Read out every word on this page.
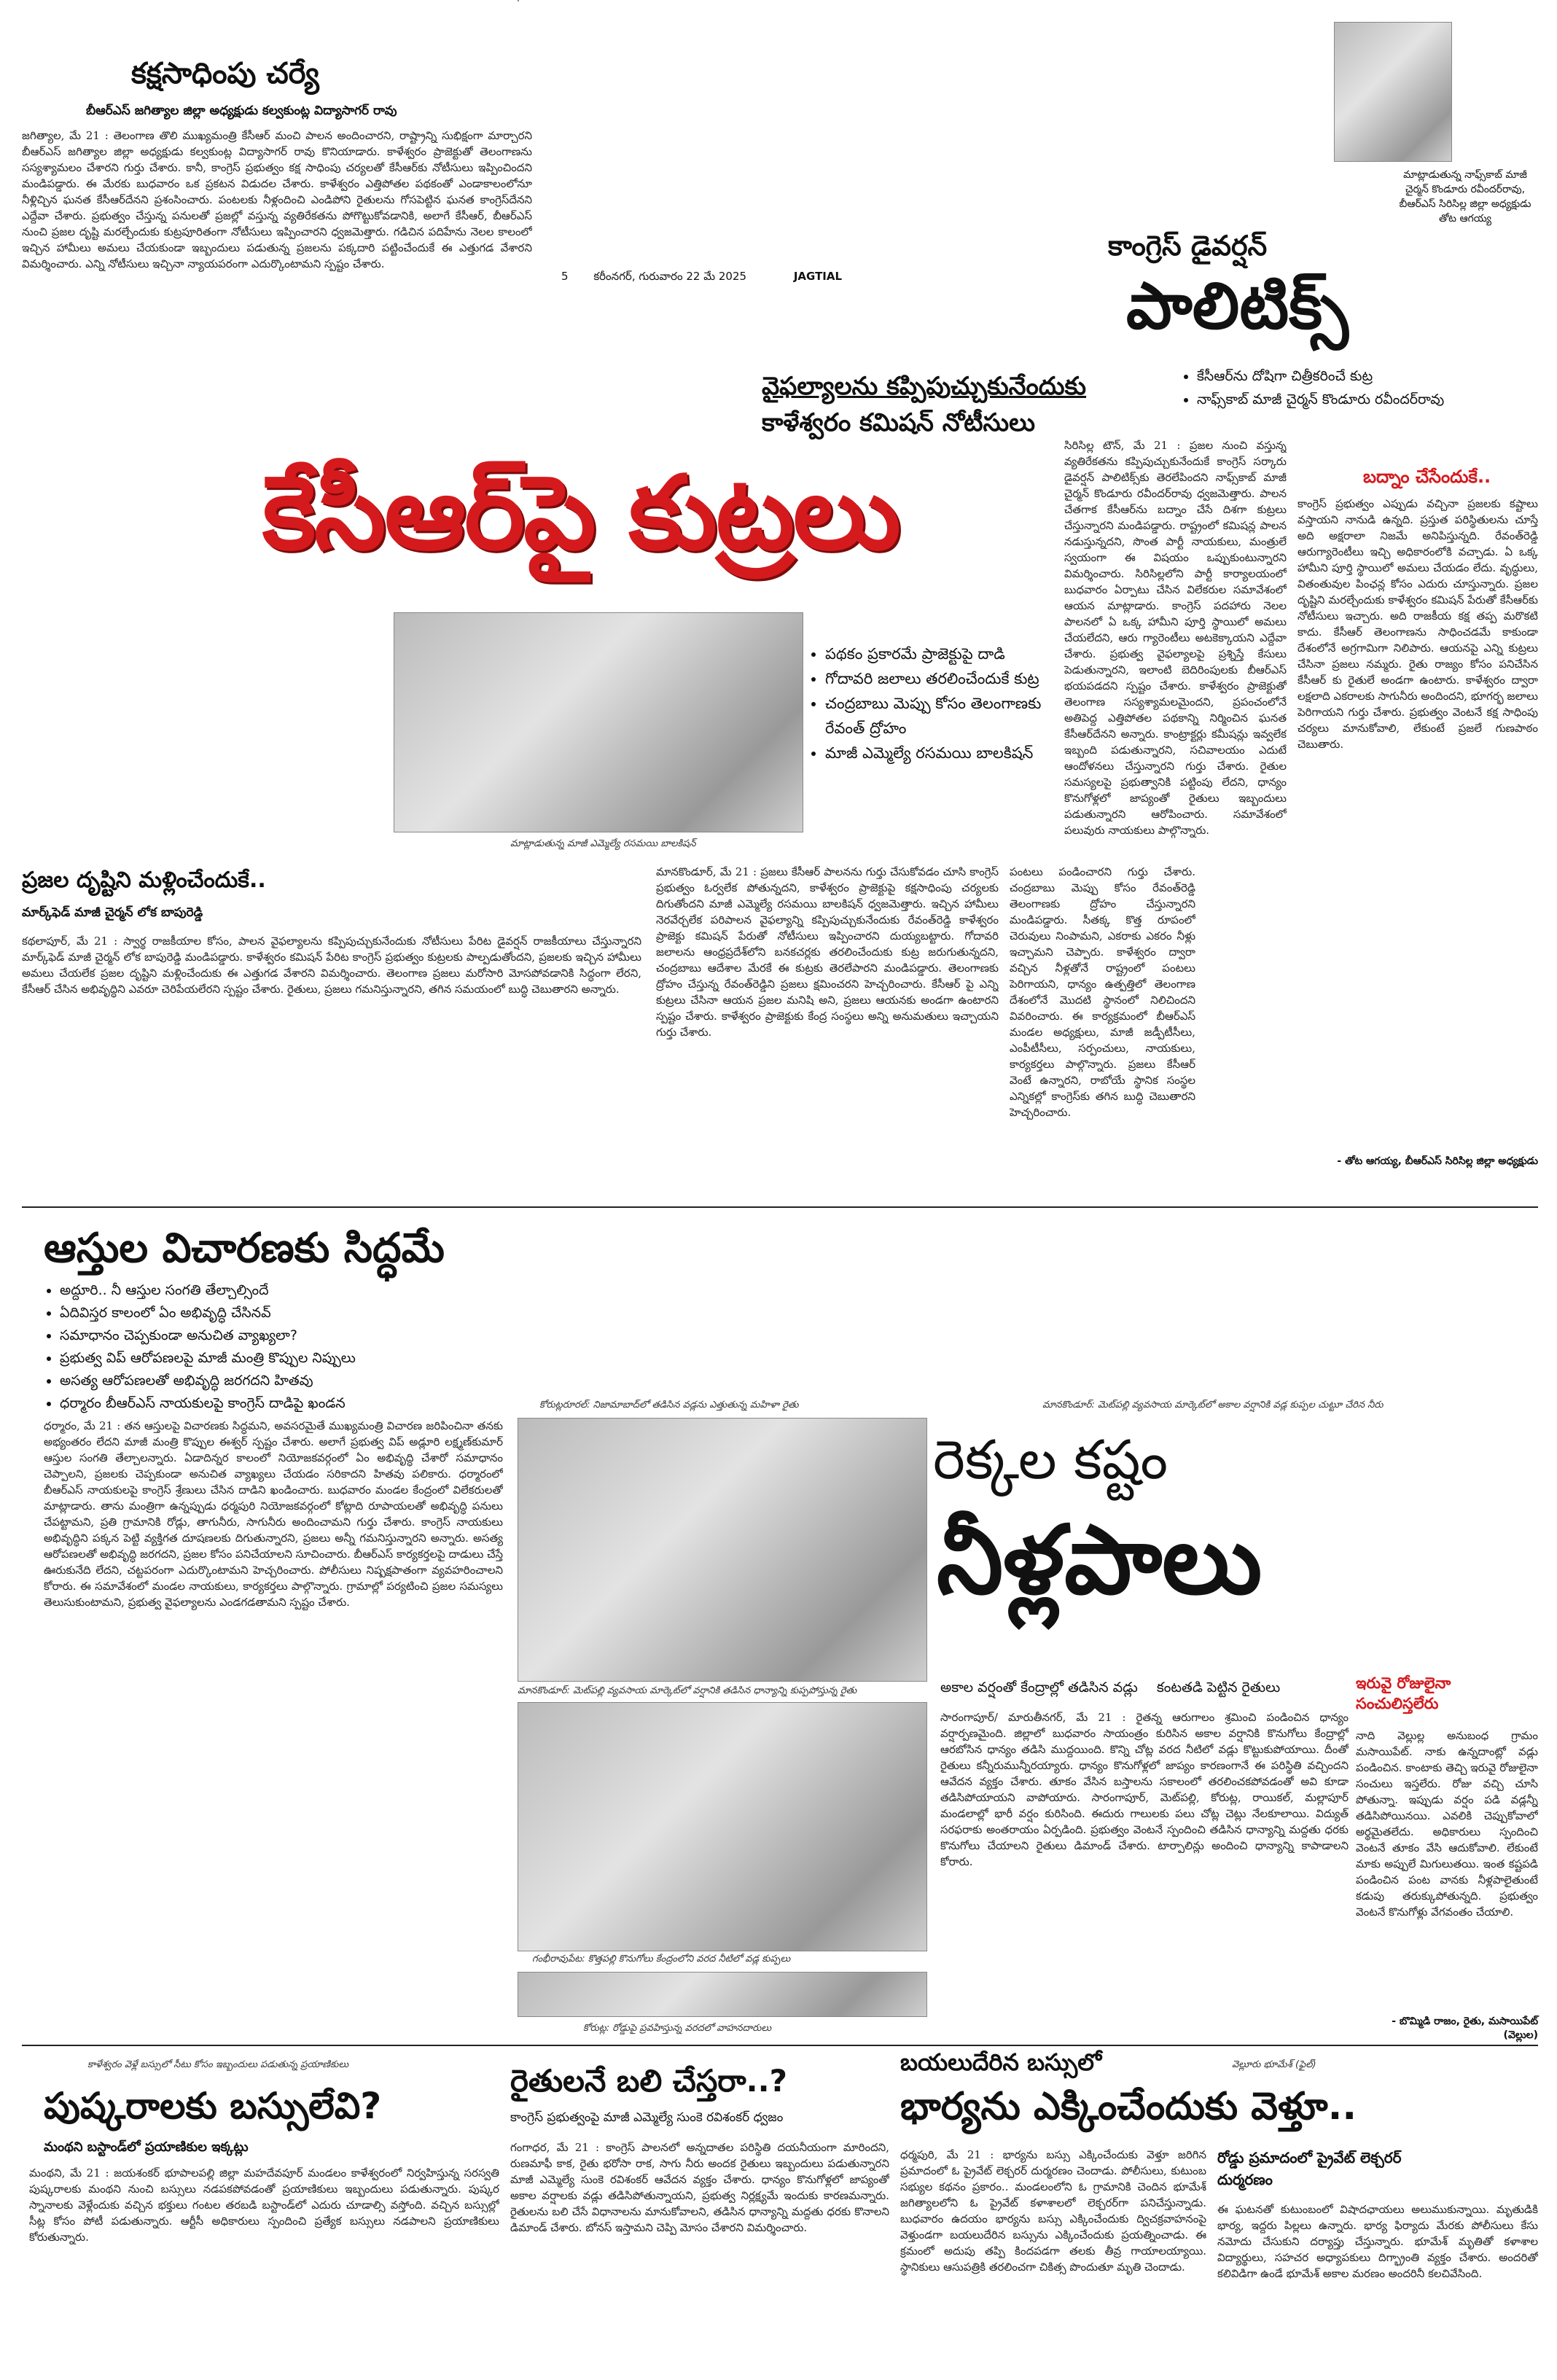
కక్షసాధింపు చర్యే
బీఆర్ఎస్ జగిత్యాల జిల్లా అధ్యక్షుడు కల్వకుంట్ల విద్యాసాగర్ రావు
జగిత్యాల, మే 21 : తెలంగాణ తొలి ముఖ్యమంత్రి కేసీఆర్ మంచి పాలన అందించారని, రాష్ట్రాన్ని సుభిక్షంగా మార్చారని బీఆర్ఎస్ జగిత్యాల జిల్లా అధ్యక్షుడు కల్వకుంట్ల విద్యాసాగర్ రావు కొనియాడారు. కాళేశ్వరం ప్రాజెక్టుతో తెలంగాణను సస్యశ్యామలం చేశారని గుర్తు చేశారు. కానీ, కాంగ్రెస్ ప్రభుత్వం కక్ష సాధింపు చర్యలతో కేసీఆర్‌కు నోటీసులు ఇప్పించిందని మండిపడ్డారు. ఈ మేరకు బుధవారం ఒక ప్రకటన విడుదల చేశారు. కాళేశ్వరం ఎత్తిపోతల పథకంతో ఎండాకాలంలోనూ నీళ్లిచ్చిన ఘనత కేసీఆర్‌దేనని ప్రశంసించారు. పంటలకు నీళ్లందించి ఎండిపోని రైతులను గోసపెట్టిన ఘనత కాంగ్రెస్‌దేనని ఎద్దేవా చేశారు. ప్రభుత్వం చేస్తున్న పనులతో ప్రజల్లో వస్తున్న వ్యతిరేకతను పోగొట్టుకోవడానికి, అలాగే కేసీఆర్, బీఆర్ఎస్ నుంచి ప్రజల దృష్టి మరల్చేందుకు కుట్రపూరితంగా నోటీసులు ఇప్పించారని ధ్వజమెత్తారు. గడిచిన పదిహేను నెలల కాలంలో ఇచ్చిన హామీలు అమలు చేయకుండా ఇబ్బందులు పడుతున్న ప్రజలను పక్కదారి పట్టించేందుకే ఈ ఎత్తుగడ వేశారని విమర్శించారు. ఎన్ని నోటీసులు ఇచ్చినా న్యాయపరంగా ఎదుర్కొంటామని స్పష్టం చేశారు.
5 కరీంనగర్, గురువారం 22 మే 2025	JAGTIAL
వైఫల్యాలను కప్పిపుచ్చుకునేందుకు
కాళేశ్వరం కమిషన్ నోటీసులు
కేసీఆర్‌పై కుట్రలు
• పథకం ప్రకారమే ప్రాజెక్టుపై దాడి
• గోదావరి జలాలు తరలించేందుకే కుట్ర
• చంద్రబాబు మెప్పు కోసం తెలంగాణకు రేవంత్ ద్రోహం
• మాజీ ఎమ్మెల్యే రసమయి బాలకిషన్
మాట్లాడుతున్న మాజీ ఎమ్మెల్యే రసమయి బాలకిషన్
మానకొండూర్, మే 21 : ప్రజలు కేసీఆర్ పాలనను గుర్తు చేసుకోవడం చూసి కాంగ్రెస్ ప్రభుత్వం ఓర్వలేక పోతున్నదని, కాళేశ్వరం ప్రాజెక్టుపై కక్షసాధింపు చర్యలకు దిగుతోందని మాజీ ఎమ్మెల్యే రసమయి బాలకిషన్ ధ్వజమెత్తారు. ఇచ్చిన హామీలు నెరవేర్చలేక పరిపాలన వైఫల్యాన్ని కప్పిపుచ్చుకునేందుకు రేవంత్‌రెడ్డి కాళేశ్వరం ప్రాజెక్టు కమిషన్ పేరుతో నోటీసులు ఇప్పించారని దుయ్యబట్టారు. గోదావరి జలాలను ఆంధ్రప్రదేశ్‌లోని బనకచర్లకు తరలించేందుకు కుట్ర జరుగుతున్నదని, చంద్రబాబు ఆదేశాల మేరకే ఈ కుట్రకు తెరలేపారని మండిపడ్డారు. తెలంగాణకు ద్రోహం చేస్తున్న రేవంత్‌రెడ్డిని ప్రజలు క్షమించరని హెచ్చరించారు. కేసీఆర్ పై ఎన్ని కుట్రలు చేసినా ఆయన ప్రజల మనిషి అని, ప్రజలు ఆయనకు అండగా ఉంటారని స్పష్టం చేశారు. కాళేశ్వరం ప్రాజెక్టుకు కేంద్ర సంస్థలు అన్ని అనుమతులు ఇచ్చాయని గుర్తు చేశారు.
పంటలు పండించారని గుర్తు చేశారు. చంద్రబాబు మెప్పు కోసం రేవంత్‌రెడ్డి తెలంగాణకు ద్రోహం చేస్తున్నారని మండిపడ్డారు. సీతక్క కొత్త రూపంలో చెరువులు నింపామని, ఎకరాకు ఎకరం నీళ్లు ఇచ్చామని చెప్పారు. కాళేశ్వరం ద్వారా వచ్చిన నీళ్లతోనే రాష్ట్రంలో పంటలు పెరిగాయని, ధాన్యం ఉత్పత్తిలో తెలంగాణ దేశంలోనే మొదటి స్థానంలో నిలిచిందని వివరించారు. ఈ కార్యక్రమంలో బీఆర్ఎస్ మండల అధ్యక్షులు, మాజీ జడ్పీటీసీలు, ఎంపీటీసీలు, సర్పంచులు, నాయకులు, కార్యకర్తలు పాల్గొన్నారు. ప్రజలు కేసీఆర్ వెంటే ఉన్నారని, రాబోయే స్థానిక సంస్థల ఎన్నికల్లో కాంగ్రెస్‌కు తగిన బుద్ధి చెబుతారని హెచ్చరించారు.
ప్రజల దృష్టిని మళ్లించేందుకే..
మార్క్‌ఫెడ్ మాజీ చైర్మన్ లోక బాపురెడ్డి
కథలాపూర్, మే 21 : స్వార్థ రాజకీయాల కోసం, పాలన వైఫల్యాలను కప్పిపుచ్చుకునేందుకు నోటీసులు పేరిట డైవర్షన్ రాజకీయాలు చేస్తున్నారని మార్క్‌ఫెడ్ మాజీ చైర్మన్ లోక బాపురెడ్డి మండిపడ్డారు. కాళేశ్వరం కమిషన్ పేరిట కాంగ్రెస్ ప్రభుత్వం కుట్రలకు పాల్పడుతోందని, ప్రజలకు ఇచ్చిన హామీలు అమలు చేయలేక ప్రజల దృష్టిని మళ్లించేందుకు ఈ ఎత్తుగడ వేశారని విమర్శించారు. తెలంగాణ ప్రజలు మరోసారి మోసపోవడానికి సిద్ధంగా లేరని, కేసీఆర్ చేసిన అభివృద్ధిని ఎవరూ చెరిపేయలేరని స్పష్టం చేశారు. రైతులు, ప్రజలు గమనిస్తున్నారని, తగిన సమయంలో బుద్ధి చెబుతారని అన్నారు.
మాట్లాడుతున్న నాఫ్స్‌కాబ్ మాజీ చైర్మన్ కొండూరు రవీందర్‌రావు, బీఆర్ఎస్ సిరిసిల్ల జిల్లా అధ్యక్షుడు తోట ఆగయ్య
కాంగ్రెస్ డైవర్షన్
పాలిటిక్స్
• కేసీఆర్‌ను దోషిగా చిత్రీకరించే కుట్ర
• నాఫ్స్‌కాబ్ మాజీ చైర్మన్ కొండూరు రవీందర్‌రావు
సిరిసిల్ల టౌన్, మే 21 : ప్రజల నుంచి వస్తున్న వ్యతిరేకతను కప్పిపుచ్చుకునేందుకే కాంగ్రెస్ సర్కారు డైవర్షన్ పాలిటిక్స్‌కు తెరలేపిందని నాఫ్స్‌కాబ్ మాజీ చైర్మన్ కొండూరు రవీందర్‌రావు ధ్వజమెత్తారు. పాలన చేతగాక కేసీఆర్‌ను బద్నాం చేసే దిశగా కుట్రలు చేస్తున్నారని మండిపడ్డారు. రాష్ట్రంలో కమిషన్ల పాలన నడుస్తున్నదని, సొంత పార్టీ నాయకులు, మంత్రులే స్వయంగా ఈ విషయం ఒప్పుకుంటున్నారని విమర్శించారు. సిరిసిల్లలోని పార్టీ కార్యాలయంలో బుధవారం ఏర్పాటు చేసిన విలేకరుల సమావేశంలో ఆయన మాట్లాడారు. కాంగ్రెస్ పదహారు నెలల పాలనలో ఏ ఒక్క హామీని పూర్తి స్థాయిలో అమలు చేయలేదని, ఆరు గ్యారెంటీలు అటకెక్కాయని ఎద్దేవా చేశారు. ప్రభుత్వ వైఫల్యాలపై ప్రశ్నిస్తే కేసులు పెడుతున్నారని, ఇలాంటి బెదిరింపులకు బీఆర్ఎస్ భయపడదని స్పష్టం చేశారు. కాళేశ్వరం ప్రాజెక్టుతో తెలంగాణ సస్యశ్యామలమైందని, ప్రపంచంలోనే అతిపెద్ద ఎత్తిపోతల పథకాన్ని నిర్మించిన ఘనత కేసీఆర్‌దేనని అన్నారు. కాంట్రాక్టర్లు కమీషన్లు ఇవ్వలేక ఇబ్బంది పడుతున్నారని, సచివాలయం ఎదుటే ఆందోళనలు చేస్తున్నారని గుర్తు చేశారు. రైతుల సమస్యలపై ప్రభుత్వానికి పట్టింపు లేదని, ధాన్యం కొనుగోళ్లలో జాప్యంతో రైతులు ఇబ్బందులు పడుతున్నారని ఆరోపించారు. సమావేశంలో పలువురు నాయకులు పాల్గొన్నారు.
బద్నాం చేసేందుకే..
కాంగ్రెస్ ప్రభుత్వం ఎప్పుడు వచ్చినా ప్రజలకు కష్టాలు వస్తాయని నానుడి ఉన్నది. ప్రస్తుత పరిస్థితులను చూస్తే అది అక్షరాలా నిజమే అనిపిస్తున్నది. రేవంత్‌రెడ్డి ఆరుగ్యారెంటీలు ఇచ్చి అధికారంలోకి వచ్చాడు. ఏ ఒక్క హామీని పూర్తి స్థాయిలో అమలు చేయడం లేదు. వృద్ధులు, వితంతువుల పింఛన్ల కోసం ఎదురు చూస్తున్నారు. ప్రజల దృష్టిని మరల్చేందుకు కాళేశ్వరం కమిషన్ పేరుతో కేసీఆర్‌కు నోటీసులు ఇచ్చారు. అది రాజకీయ కక్ష తప్ప మరొకటి కాదు. కేసీఆర్ తెలంగాణను సాధించడమే కాకుండా దేశంలోనే అగ్రగామిగా నిలిపారు. ఆయనపై ఎన్ని కుట్రలు చేసినా ప్రజలు నమ్మరు. రైతు రాజ్యం కోసం పనిచేసిన కేసీఆర్ కు రైతులే అండగా ఉంటారు. కాళేశ్వరం ద్వారా లక్షలాది ఎకరాలకు సాగునీరు అందిందని, భూగర్భ జలాలు పెరిగాయని గుర్తు చేశారు. ప్రభుత్వం వెంటనే కక్ష సాధింపు చర్యలు మానుకోవాలి, లేకుంటే ప్రజలే గుణపాఠం చెబుతారు.
- తోట ఆగయ్య, బీఆర్ఎస్ సిరిసిల్ల జిల్లా అధ్యక్షుడు
ఆస్తుల విచారణకు సిద్ధమే
• అద్దూరి.. నీ ఆస్తుల సంగతి తేల్చాల్సిందే
• ఏదివిస్తర కాలంలో ఏం అభివృద్ధి చేసినవ్
• సమాధానం చెప్పకుండా అనుచిత వ్యాఖ్యలా?
• ప్రభుత్వ విప్ ఆరోపణలపై మాజీ మంత్రి కొప్పుల నిప్పులు
• అసత్య ఆరోపణలతో అభివృద్ధి జరగదని హితవు
• ధర్మారం బీఆర్ఎస్ నాయకులపై కాంగ్రెస్ దాడిపై ఖండన
ధర్మారం, మే 21 : తన ఆస్తులపై విచారణకు సిద్ధమని, అవసరమైతే ముఖ్యమంత్రి విచారణ జరిపించినా తనకు అభ్యంతరం లేదని మాజీ మంత్రి కొప్పుల ఈశ్వర్ స్పష్టం చేశారు. అలాగే ప్రభుత్వ విప్ అడ్లూరి లక్ష్మణ్‌కుమార్ ఆస్తుల సంగతి తేల్చాలన్నారు. ఏడాదిన్నర కాలంలో నియోజకవర్గంలో ఏం అభివృద్ధి చేశారో సమాధానం చెప్పాలని, ప్రజలకు చెప్పకుండా అనుచిత వ్యాఖ్యలు చేయడం సరికాదని హితవు పలికారు. ధర్మారంలో బీఆర్ఎస్ నాయకులపై కాంగ్రెస్ శ్రేణులు చేసిన దాడిని ఖండించారు. బుధవారం మండల కేంద్రంలో విలేకరులతో మాట్లాడారు. తాను మంత్రిగా ఉన్నప్పుడు ధర్మపురి నియోజకవర్గంలో కోట్లాది రూపాయలతో అభివృద్ధి పనులు చేపట్టామని, ప్రతి గ్రామానికి రోడ్లు, తాగునీరు, సాగునీరు అందించామని గుర్తు చేశారు. కాంగ్రెస్ నాయకులు అభివృద్ధిని పక్కన పెట్టి వ్యక్తిగత దూషణలకు దిగుతున్నారని, ప్రజలు అన్నీ గమనిస్తున్నారని అన్నారు. అసత్య ఆరోపణలతో అభివృద్ధి జరగదని, ప్రజల కోసం పనిచేయాలని సూచించారు. బీఆర్ఎస్ కార్యకర్తలపై దాడులు చేస్తే ఊరుకునేది లేదని, చట్టపరంగా ఎదుర్కొంటామని హెచ్చరించారు. పోలీసులు నిష్పక్షపాతంగా వ్యవహరించాలని కోరారు. ఈ సమావేశంలో మండల నాయకులు, కార్యకర్తలు పాల్గొన్నారు. గ్రామాల్లో పర్యటించి ప్రజల సమస్యలు తెలుసుకుంటామని, ప్రభుత్వ వైఫల్యాలను ఎండగడతామని స్పష్టం చేశారు.
కోరుట్లరూరల్: నిజామాబాద్‌లో తడిసిన వడ్లను ఎత్తుతున్న మహిళా రైతు	మానకొండూర్: మెట్‌పల్లి వ్యవసాయ మార్కెట్‌లో అకాల వర్షానికి వడ్ల కుప్పల చుట్టూ చేరిన నీరు
రెక్కల కష్టం
నీళ్లపాలు
మానకొండూర్: మెట్‌పల్లి వ్యవసాయ మార్కెట్‌లో వర్షానికి తడిసిన ధాన్యాన్ని కుప్పపోస్తున్న రైతు
గంభీరావుపేట: కొత్తపల్లి కొనుగోలు కేంద్రంలోని వరద నీటిలో వడ్ల కుప్పలు
అకాల వర్షంతో కేంద్రాల్లో తడిసిన వడ్లు కంటతడి పెట్టిన రైతులు
సారంగాపూర్/ మారుతీనగర్, మే 21 : రైతన్న ఆరుగాలం శ్రమించి పండించిన ధాన్యం వర్షార్పణమైంది. జిల్లాలో బుధవారం సాయంత్రం కురిసిన అకాల వర్షానికి కొనుగోలు కేంద్రాల్లో ఆరబోసిన ధాన్యం తడిసి ముద్దయింది. కొన్ని చోట్ల వరద నీటిలో వడ్లు కొట్టుకుపోయాయి. దీంతో రైతులు కన్నీరుమున్నీరయ్యారు. ధాన్యం కొనుగోళ్లలో జాప్యం కారణంగానే ఈ పరిస్థితి వచ్చిందని ఆవేదన వ్యక్తం చేశారు. తూకం వేసిన బస్తాలను సకాలంలో తరలించకపోవడంతో అవి కూడా తడిసిపోయాయని వాపోయారు. సారంగాపూర్, మెట్‌పల్లి, కోరుట్ల, రాయికల్, మల్లాపూర్ మండలాల్లో భారీ వర్షం కురిసింది. ఈదురు గాలులకు పలు చోట్ల చెట్లు నేలకూలాయి. విద్యుత్ సరఫరాకు అంతరాయం ఏర్పడింది. ప్రభుత్వం వెంటనే స్పందించి తడిసిన ధాన్యాన్ని మద్దతు ధరకు కొనుగోలు చేయాలని రైతులు డిమాండ్ చేశారు. టార్పాలిన్లు అందించి ధాన్యాన్ని కాపాడాలని కోరారు.
కోరుట్ల: రోడ్డుపై ప్రవహిస్తున్న వరదలో వాహనదారులు
ఇరువై రోజులైనా సంచులిస్తలేరు
నాది వెల్లుల్ల అనుబంధ గ్రామం మసాయిపేట్. నాకు ఉన్నదాంట్లో వడ్లు పండించిన. కాంటాకు తెచ్చి ఇరువై రోజులైనా సంచులు ఇస్తలేరు. రోజు వచ్చి చూసి పోతున్నా. ఇప్పుడు వర్షం పడి వడ్లన్నీ తడిసిపోయినయి. ఎవలికి చెప్పుకోవాలో అర్థమైతలేదు. అధికారులు స్పందించి వెంటనే తూకం వేసి ఆదుకోవాలి. లేకుంటే మాకు అప్పులే మిగులుతయి. ఇంత కష్టపడి పండించిన పంట వానకు నీళ్లపాలైతుంటే కడుపు తరుక్కుపోతున్నది. ప్రభుత్వం వెంటనే కొనుగోళ్లు వేగవంతం చేయాలి.
- బొమ్మిడి రాజం, రైతు, మసాయిపేట్ (వెల్లుల)
కాళేశ్వరం వెళ్లే బస్సులో సీటు కోసం ఇబ్బందులు పడుతున్న ప్రయాణికులు
పుష్కరాలకు బస్సులేవి?
మంథని బస్టాండ్‌లో ప్రయాణికుల ఇక్కట్లు
మంథని, మే 21 : జయశంకర్ భూపాలపల్లి జిల్లా మహదేవపూర్ మండలం కాళేశ్వరంలో నిర్వహిస్తున్న సరస్వతి పుష్కరాలకు మంథని నుంచి బస్సులు నడపకపోవడంతో ప్రయాణికులు ఇబ్బందులు పడుతున్నారు. పుష్కర స్నానాలకు వెళ్లేందుకు వచ్చిన భక్తులు గంటల తరబడి బస్టాండ్‌లో ఎదురు చూడాల్సి వస్తోంది. వచ్చిన బస్సుల్లో సీట్ల కోసం పోటీ పడుతున్నారు. ఆర్టీసీ అధికారులు స్పందించి ప్రత్యేక బస్సులు నడపాలని ప్రయాణికులు కోరుతున్నారు.
రైతులనే బలి చేస్తరా..?
కాంగ్రెస్ ప్రభుత్వంపై మాజీ ఎమ్మెల్యే సుంకె రవిశంకర్ ధ్వజం
గంగాధర, మే 21 : కాంగ్రెస్ పాలనలో అన్నదాతల పరిస్థితి దయనీయంగా మారిందని, రుణమాఫీ కాక, రైతు భరోసా రాక, సాగు నీరు అందక రైతులు ఇబ్బందులు పడుతున్నారని మాజీ ఎమ్మెల్యే సుంకె రవిశంకర్ ఆవేదన వ్యక్తం చేశారు. ధాన్యం కొనుగోళ్లలో జాప్యంతో అకాల వర్షాలకు వడ్లు తడిసిపోతున్నాయని, ప్రభుత్వ నిర్లక్ష్యమే ఇందుకు కారణమన్నారు. రైతులను బలి చేసే విధానాలను మానుకోవాలని, తడిసిన ధాన్యాన్ని మద్దతు ధరకు కొనాలని డిమాండ్ చేశారు. బోనస్ ఇస్తామని చెప్పి మోసం చేశారని విమర్శించారు.
బయలుదేరిన బస్సులో	వెల్లూరు భూమేశ్ (ఫైల్)
భార్యను ఎక్కించేందుకు వెళ్తూ..
ధర్మపురి, మే 21 : భార్యను బస్సు ఎక్కించేందుకు వెళ్తూ జరిగిన ప్రమాదంలో ఓ ప్రైవేట్ లెక్చరర్ దుర్మరణం చెందాడు. పోలీసులు, కుటుంబ సభ్యుల కథనం ప్రకారం.. మండలంలోని ఓ గ్రామానికి చెందిన భూమేశ్ జగిత్యాలలోని ఓ ప్రైవేట్ కళాశాలలో లెక్చరర్‌గా పనిచేస్తున్నాడు. బుధవారం ఉదయం భార్యను బస్సు ఎక్కించేందుకు ద్విచక్రవాహనంపై వెళ్తుండగా బయలుదేరిన బస్సును ఎక్కించేందుకు ప్రయత్నించాడు. ఈ క్రమంలో అదుపు తప్పి కిందపడగా తలకు తీవ్ర గాయాలయ్యాయి. స్థానికులు ఆసుపత్రికి తరలించగా చికిత్స పొందుతూ మృతి చెందాడు.
రోడ్డు ప్రమాదంలో ప్రైవేట్ లెక్చరర్ దుర్మరణం
ఈ ఘటనతో కుటుంబంలో విషాదఛాయలు అలుముకున్నాయి. మృతుడికి భార్య, ఇద్దరు పిల్లలు ఉన్నారు. భార్య ఫిర్యాదు మేరకు పోలీసులు కేసు నమోదు చేసుకుని దర్యాప్తు చేస్తున్నారు. భూమేశ్ మృతితో కళాశాల విద్యార్థులు, సహచర అధ్యాపకులు దిగ్భ్రాంతి వ్యక్తం చేశారు. అందరితో కలివిడిగా ఉండే భూమేశ్ అకాల మరణం అందరినీ కలచివేసింది.
